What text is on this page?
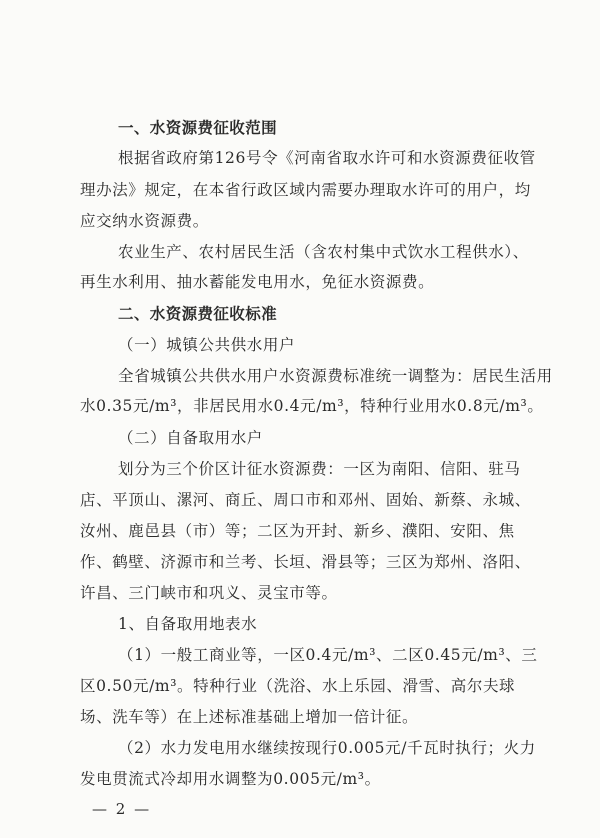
一、水资源费征收范围
根据省政府第126号令《河南省取水许可和水资源费征收管
理办法》规定，在本省行政区域内需要办理取水许可的用户，均
应交纳水资源费。
农业生产、农村居民生活（含农村集中式饮水工程供水）、
再生水利用、抽水蓄能发电用水，免征水资源费。
二、水资源费征收标准
（一）城镇公共供水用户
全省城镇公共供水用户水资源费标准统一调整为：居民生活用
水0.35元/m³，非居民用水0.4元/m³，特种行业用水0.8元/m³。
（二）自备取用水户
划分为三个价区计征水资源费：一区为南阳、信阳、驻马
店、平顶山、漯河、商丘、周口市和邓州、固始、新蔡、永城、
汝州、鹿邑县（市）等；二区为开封、新乡、濮阳、安阳、焦
作、鹤壁、济源市和兰考、长垣、滑县等；三区为郑州、洛阳、
许昌、三门峡市和巩义、灵宝市等。
1、自备取用地表水
（1）一般工商业等，一区0.4元/m³、二区0.45元/m³、三
区0.50元/m³。特种行业（洗浴、水上乐园、滑雪、高尔夫球
场、洗车等）在上述标准基础上增加一倍计征。
（2）水力发电用水继续按现行0.005元/千瓦时执行；火力
发电贯流式冷却用水调整为0.005元/m³。
— 2 —
